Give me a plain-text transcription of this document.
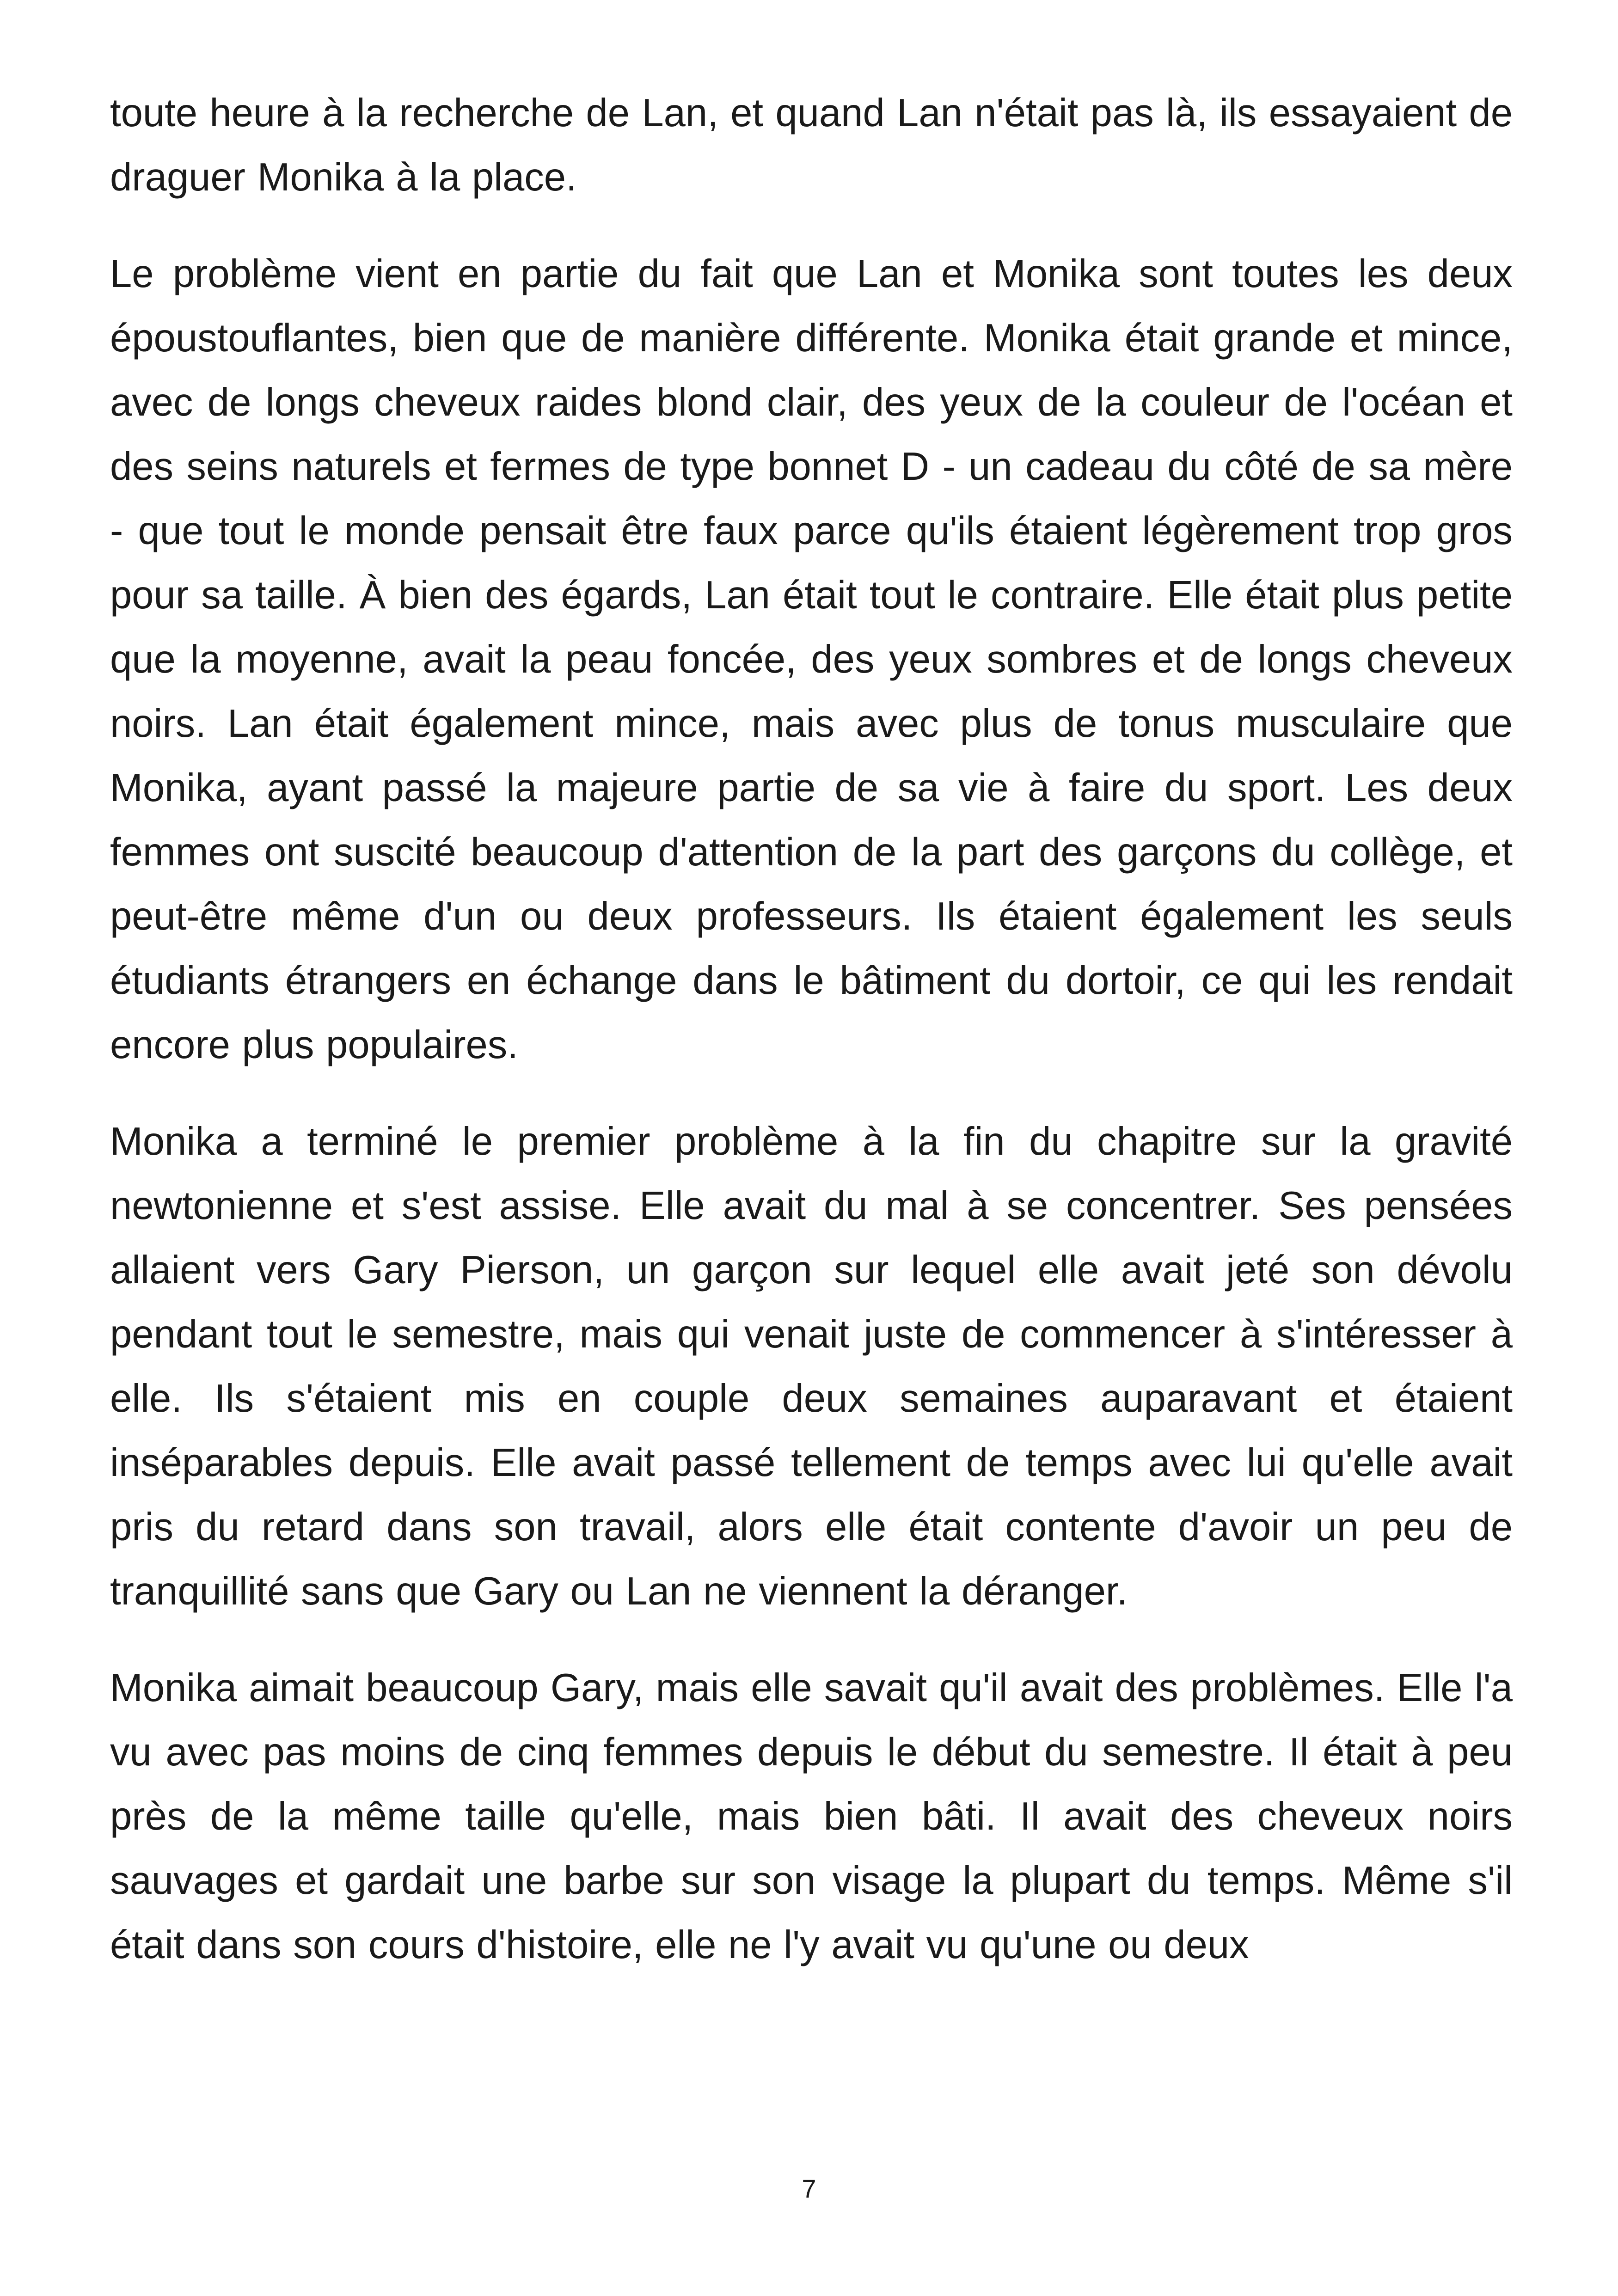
toute heure à la recherche de Lan, et quand Lan n'était pas là, ils essayaient de draguer Monika à la place.

Le problème vient en partie du fait que Lan et Monika sont toutes les deux époustouflantes, bien que de manière différente. Monika était grande et mince, avec de longs cheveux raides blond clair, des yeux de la couleur de l'océan et des seins naturels et fermes de type bonnet D - un cadeau du côté de sa mère - que tout le monde pensait être faux parce qu'ils étaient légèrement trop gros pour sa taille. À bien des égards, Lan était tout le contraire. Elle était plus petite que la moyenne, avait la peau foncée, des yeux sombres et de longs cheveux noirs. Lan était également mince, mais avec plus de tonus musculaire que Monika, ayant passé la majeure partie de sa vie à faire du sport. Les deux femmes ont suscité beaucoup d'attention de la part des garçons du collège, et peut-être même d'un ou deux professeurs. Ils étaient également les seuls étudiants étrangers en échange dans le bâtiment du dortoir, ce qui les rendait encore plus populaires.

Monika a terminé le premier problème à la fin du chapitre sur la gravité newtonienne et s'est assise. Elle avait du mal à se concentrer. Ses pensées allaient vers Gary Pierson, un garçon sur lequel elle avait jeté son dévolu pendant tout le semestre, mais qui venait juste de commencer à s'intéresser à elle. Ils s'étaient mis en couple deux semaines auparavant et étaient inséparables depuis. Elle avait passé tellement de temps avec lui qu'elle avait pris du retard dans son travail, alors elle était contente d'avoir un peu de tranquillité sans que Gary ou Lan ne viennent la déranger.

Monika aimait beaucoup Gary, mais elle savait qu'il avait des problèmes. Elle l'a vu avec pas moins de cinq femmes depuis le début du semestre. Il était à peu près de la même taille qu'elle, mais bien bâti. Il avait des cheveux noirs sauvages et gardait une barbe sur son visage la plupart du temps. Même s'il était dans son cours d'histoire, elle ne l'y avait vu qu'une ou deux

7
